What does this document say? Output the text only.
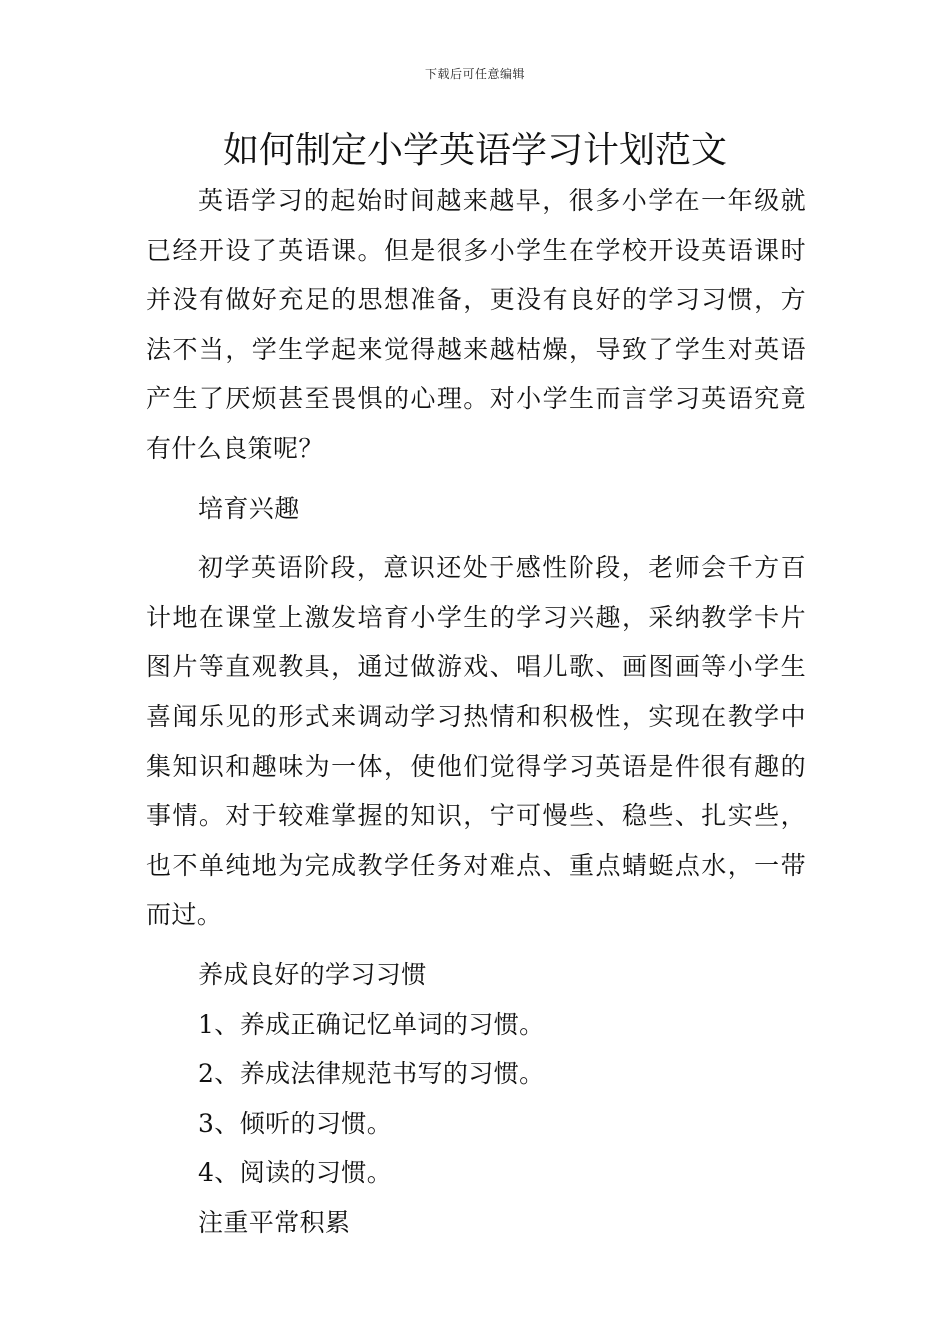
下载后可任意编辑
如何制定小学英语学习计划范文

英语学习的起始时间越来越早，很多小学在一年级就已经开设了英语课。但是很多小学生在学校开设英语课时并没有做好充足的思想准备，更没有良好的学习习惯，方法不当，学生学起来觉得越来越枯燥，导致了学生对英语产生了厌烦甚至畏惧的心理。对小学生而言学习英语究竟有什么良策呢？

培育兴趣

初学英语阶段，意识还处于感性阶段，老师会千方百计地在课堂上激发培育小学生的学习兴趣，采纳教学卡片图片等直观教具，通过做游戏、唱儿歌、画图画等小学生喜闻乐见的形式来调动学习热情和积极性，实现在教学中集知识和趣味为一体，使他们觉得学习英语是件很有趣的事情。对于较难掌握的知识，宁可慢些、稳些、扎实些，也不单纯地为完成教学任务对难点、重点蜻蜓点水，一带而过。

养成良好的学习习惯

1、养成正确记忆单词的习惯。

2、养成法律规范书写的习惯。

3、倾听的习惯。

4、阅读的习惯。

注重平常积累
